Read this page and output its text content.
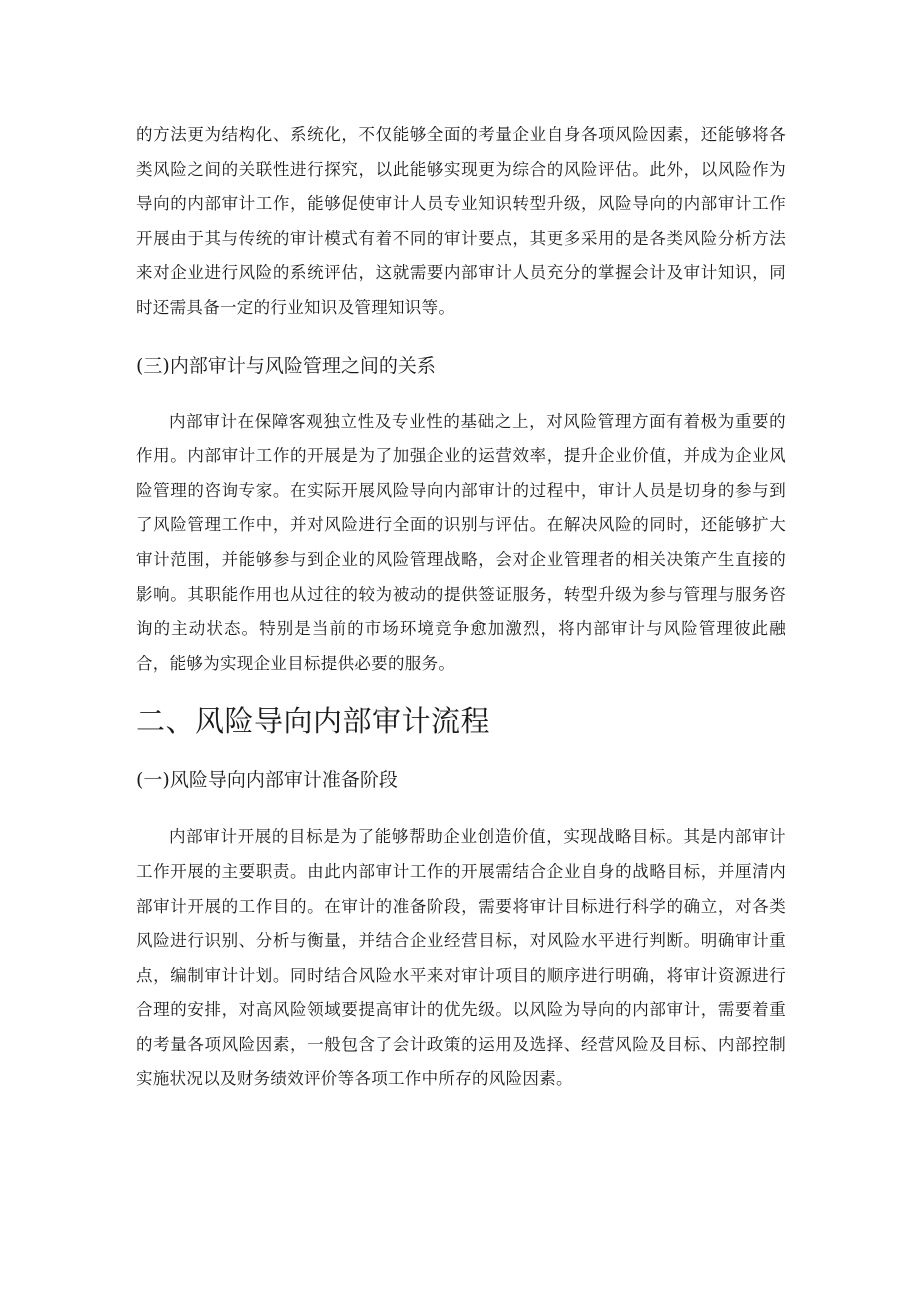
的方法更为结构化、系统化，不仅能够全面的考量企业自身各项风险因素，还能够将各类风险之间的关联性进行探究，以此能够实现更为综合的风险评估。此外，以风险作为导向的内部审计工作，能够促使审计人员专业知识转型升级，风险导向的内部审计工作开展由于其与传统的审计模式有着不同的审计要点，其更多采用的是各类风险分析方法来对企业进行风险的系统评估，这就需要内部审计人员充分的掌握会计及审计知识，同时还需具备一定的行业知识及管理知识等。

(三)内部审计与风险管理之间的关系

内部审计在保障客观独立性及专业性的基础之上，对风险管理方面有着极为重要的作用。内部审计工作的开展是为了加强企业的运营效率，提升企业价值，并成为企业风险管理的咨询专家。在实际开展风险导向内部审计的过程中，审计人员是切身的参与到了风险管理工作中，并对风险进行全面的识别与评估。在解决风险的同时，还能够扩大审计范围，并能够参与到企业的风险管理战略，会对企业管理者的相关决策产生直接的影响。其职能作用也从过往的较为被动的提供签证服务，转型升级为参与管理与服务咨询的主动状态。特别是当前的市场环境竞争愈加激烈，将内部审计与风险管理彼此融合，能够为实现企业目标提供必要的服务。

二、风险导向内部审计流程
(一)风险导向内部审计准备阶段

内部审计开展的目标是为了能够帮助企业创造价值，实现战略目标。其是内部审计工作开展的主要职责。由此内部审计工作的开展需结合企业自身的战略目标，并厘清内部审计开展的工作目的。在审计的准备阶段，需要将审计目标进行科学的确立，对各类风险进行识别、分析与衡量，并结合企业经营目标，对风险水平进行判断。明确审计重点，编制审计计划。同时结合风险水平来对审计项目的顺序进行明确，将审计资源进行合理的安排，对高风险领域要提高审计的优先级。以风险为导向的内部审计，需要着重的考量各项风险因素，一般包含了会计政策的运用及选择、经营风险及目标、内部控制实施状况以及财务绩效评价等各项工作中所存的风险因素。
